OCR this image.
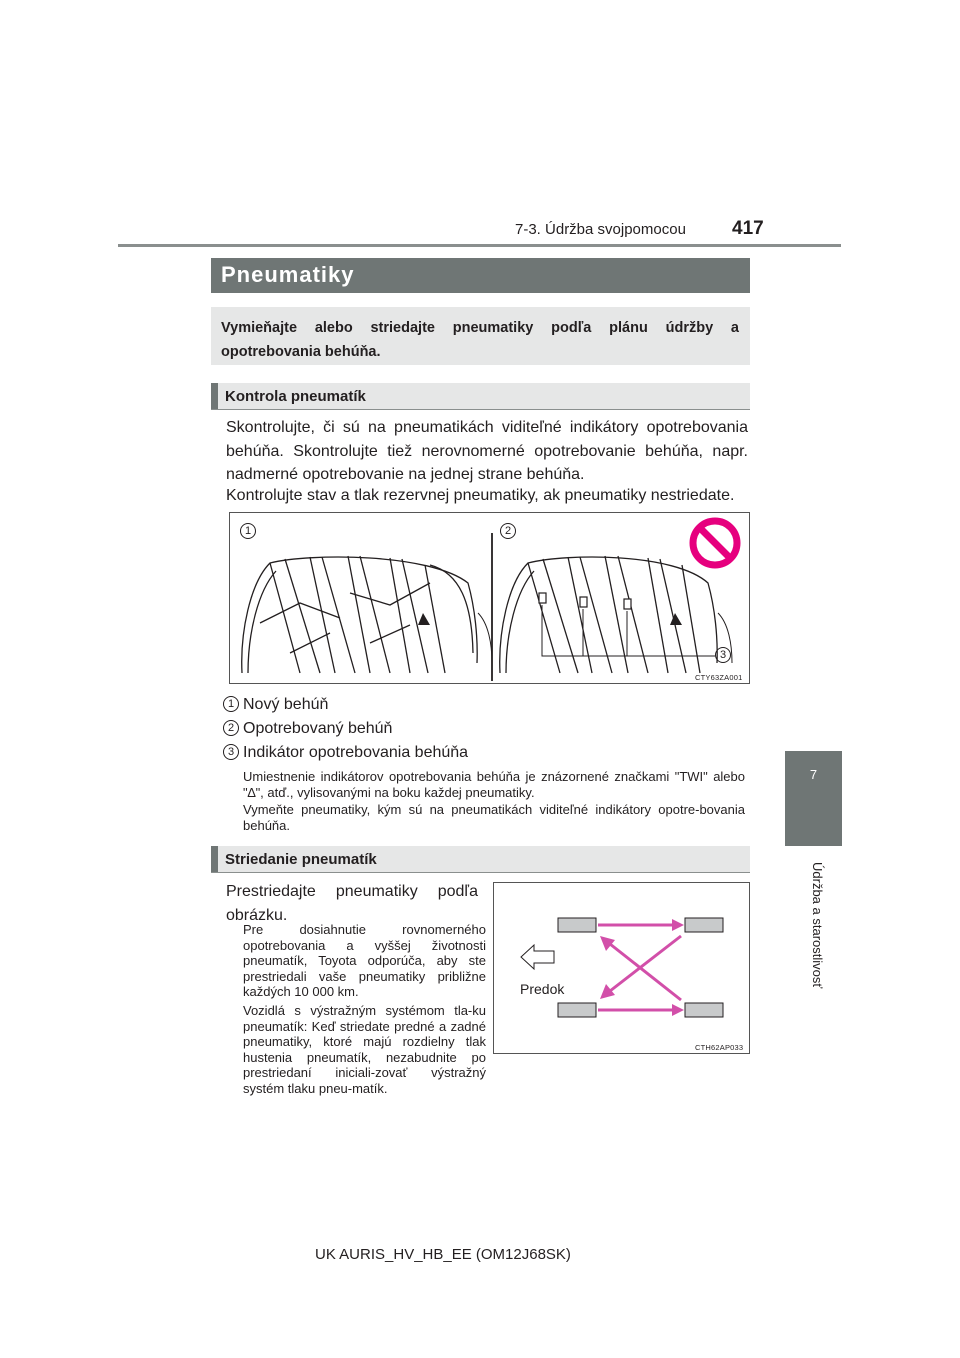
7-3. Údržba svojpomocou 417
7
Údržba a starostlivosť
Pneumatiky

Vymieňajte alebo striedajte pneumatiky podľa plánu údržby a opotrebovania behúňa.

Kontrola pneumatík
Skontrolujte, či sú na pneumatikách viditeľné indikátory opotrebovania behúňa. Skontrolujte tiež nerovnomerné opotrebovanie behúňa, napr. nadmerné opotrebovanie na jednej strane behúňa.
Kontrolujte stav a tlak rezervnej pneumatiky, ak pneumatiky nestriedate.
1	2
3
CTY63ZA001
1 Nový behúň
2 Opotrebovaný behúň
3 Indikátor opotrebovania behúňa
Umiestnenie indikátorov opotrebovania behúňa je znázornené značkami "TWI" alebo "∆", atď., vylisovanými na boku každej pneumatiky.
Vymeňte pneumatiky, kým sú na pneumatikách viditeľné indikátory opotre-bovania behúňa.
Striedanie pneumatík
Prestriedajte pneumatiky podľa obrázku.
Pre dosiahnutie rovnomerného opotrebovania a vyššej životnosti pneumatík, Toyota odporúča, aby ste prestriedali vaše pneumatiky približne každých 10 000 km.
Vozidlá s výstražným systémom tla-ku pneumatík: Keď striedate predné a zadné pneumatiky, ktoré majú rozdielny tlak hustenia pneumatík, nezabudnite po prestriedaní iniciali-zovať výstražný systém tlaku pneu-matík.
Predok
CTH62AP033
UK AURIS_HV_HB_EE (OM12J68SK)
